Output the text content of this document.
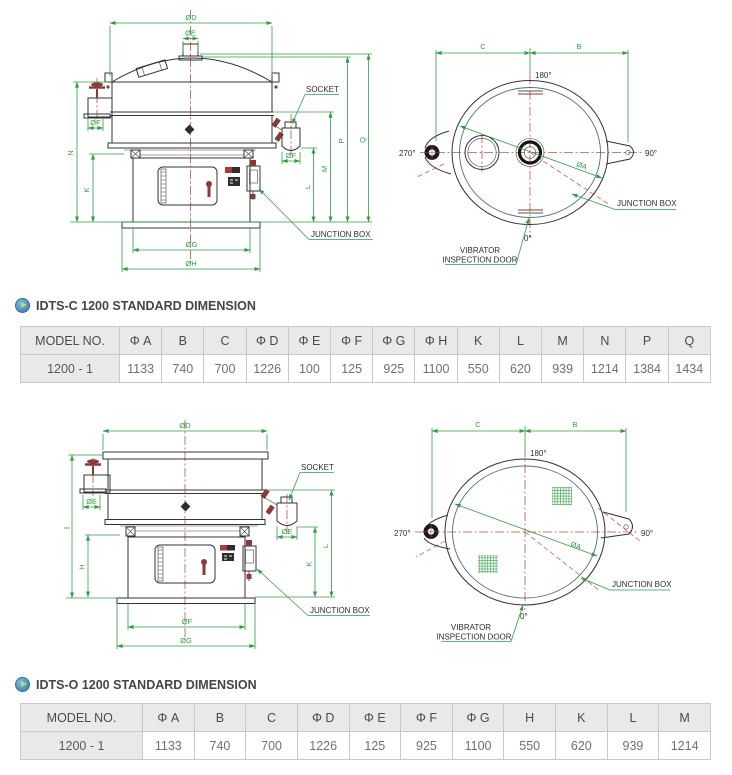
ØD
ØE
ØF
ØF
N
K
L
M
P Q
ØG
ØH
SOCKET
JUNCTION BOX
C	B
ØA
180°
270°	90°
0°
JUNCTION BOX
VIBRATOR
INSPECTION DOOR
ØD
ØE
ØE
H
K
L
ØF
ØG
SOCKET
JUNCTION BOX
C	B
ØA
180°
270°	90°
0°
JUNCTION BOX
VIBRATOR
INSPECTION DOOR
IDTS-C 1200 STANDARD DIMENSION
MODEL NO.	Φ A	B	C	Φ D	Φ E	Φ F	Φ G	Φ H	K	L	M	N	P	Q
1200 - 1	1133	740	700	1226	100	125	925	1100	550	620	939	1214	1384	1434
IDTS-O 1200 STANDARD DIMENSION
MODEL NO.	Φ A	B	C	Φ D	Φ E	Φ F	Φ G	H	K	L	M
1200 - 1	1133	740	700	1226	125	925	1100	550	620	939	1214
